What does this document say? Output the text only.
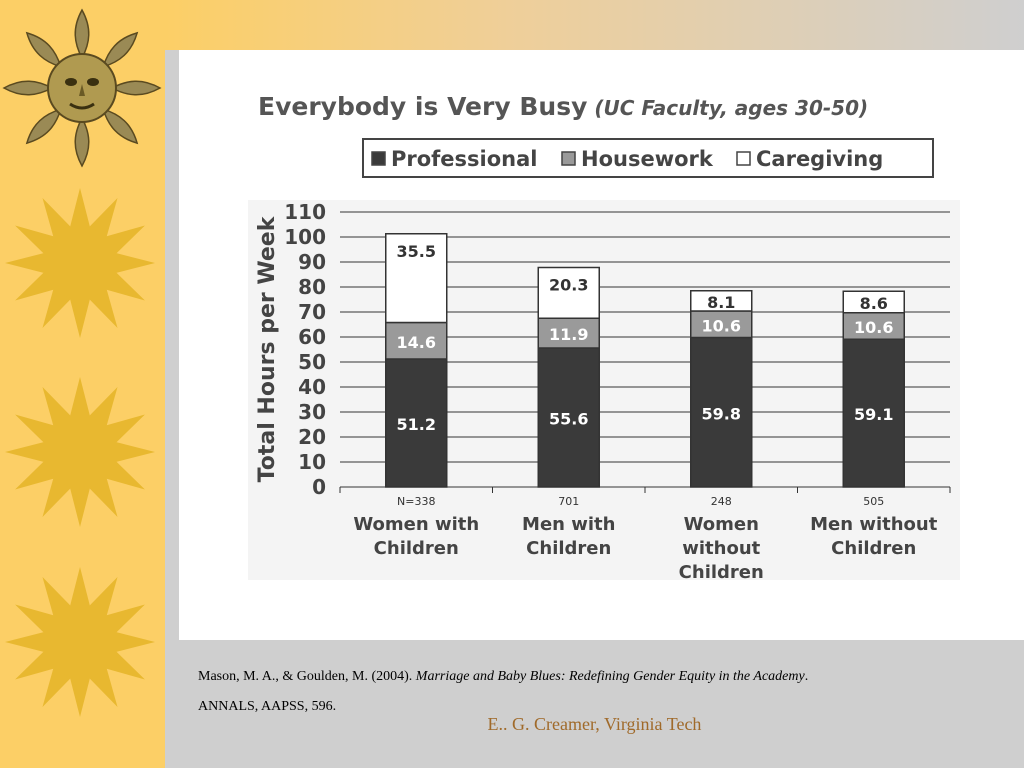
Everybody is Very Busy (UC Faculty, ages 30-50)
Professional Housework Caregiving
0
10
20
30
40
50
60
70
80
90
100
110
Total Hours per Week	51.2
14.6
35.5
N=338
Women with
Children
55.6
11.9
20.3
701
Men with
Children
59.8
10.6
8.1
248
Women
without
Children
59.1
10.6
8.6
505
Men without
Children
Mason, M. A., & Goulden, M. (2004). Marriage and Baby Blues: Redefining Gender Equity in the Academy.
ANNALS, AAPSS, 596.
E.. G. Creamer, Virginia Tech
